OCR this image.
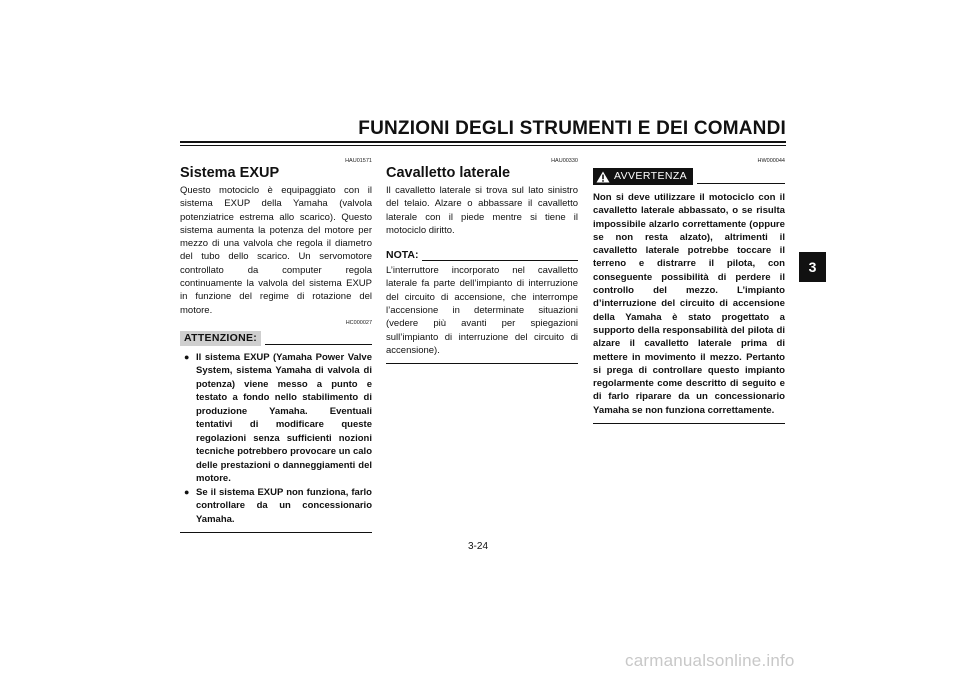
FUNZIONI DEGLI STRUMENTI E DEI COMANDI
3
HAU01571
Sistema EXUP
Questo motociclo è equipaggiato con il sistema EXUP della Yamaha (valvola potenziatrice estrema allo scarico). Questo sistema aumenta la potenza del motore per mezzo di una valvola che regola il diametro del tubo dello scarico. Un servomotore controllato da computer regola continuamente la valvola del sistema EXUP in funzione del regime di rotazione del motore.
HC000027
ATTENZIONE:
● Il sistema EXUP (Yamaha Power Valve System, sistema Yamaha di valvola di potenza) viene messo a punto e testato a fondo nello stabilimento di produzione Yamaha. Eventuali tentativi di modificare queste regolazioni senza sufficienti nozioni tecniche potrebbero provocare un calo delle prestazioni o danneggiamenti del motore.
● Se il sistema EXUP non funziona, farlo controllare da un concessionario Yamaha.
HAU00330
Cavalletto laterale
Il cavalletto laterale si trova sul lato sinistro del telaio. Alzare o abbassare il cavalletto laterale con il piede mentre si tiene il motociclo diritto.
NOTA:
L’interruttore incorporato nel cavalletto laterale fa parte dell’impianto di interruzione del circuito di accensione, che interrompe l’accensione in determinate situazioni (vedere più avanti per spiegazioni sull’impianto di interruzione del circuito di accensione).
HW000044
AVVERTENZA
Non si deve utilizzare il motociclo con il cavalletto laterale abbassato, o se risulta impossibile alzarlo correttamente (oppure se non resta alzato), altrimenti il cavalletto laterale potrebbe toccare il terreno e distrarre il pilota, con conseguente possibilità di perdere il controllo del mezzo. L’impianto d’interruzione del circuito di accensione della Yamaha è stato progettato a supporto della responsabilità del pilota di alzare il cavalletto laterale prima di mettere in movimento il mezzo. Pertanto si prega di controllare questo impianto regolarmente come descritto di seguito e di farlo riparare da un concessionario Yamaha se non funziona correttamente.
3-24
carmanualsonline.info
